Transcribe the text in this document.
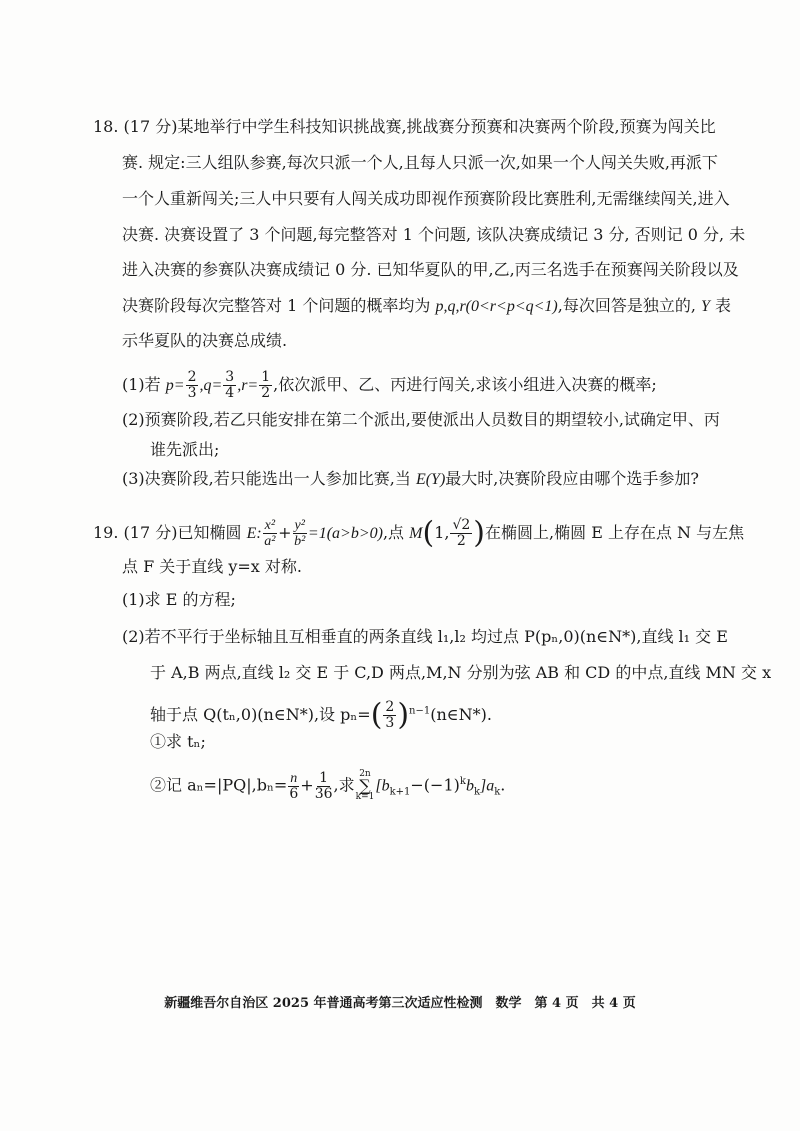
18. (17 分)某地举行中学生科技知识挑战赛,挑战赛分预赛和决赛两个阶段,预赛为闯关比
赛. 规定:三人组队参赛,每次只派一个人,且每人只派一次,如果一个人闯关失败,再派下
一个人重新闯关;三人中只要有人闯关成功即视作预赛阶段比赛胜利,无需继续闯关,进入
决赛. 决赛设置了 3 个问题,每完整答对 1 个问题, 该队决赛成绩记 3 分, 否则记 0 分, 未
进入决赛的参赛队决赛成绩记 0 分. 已知华夏队的甲,乙,丙三名选手在预赛闯关阶段以及
决赛阶段每次完整答对 1 个问题的概率均为 p,q,r(0<r<p<q<1),每次回答是独立的, Y 表
示华夏队的决赛总成绩.
(1)若 $p= \frac{2}{3} ,q= \frac{3}{4} ,r= \frac{1}{2}$ ,依次派甲、乙、丙进行闯关,求该小组进入决赛的概率;
(2)预赛阶段,若乙只能安排在第二个派出,要使派出人员数目的期望较小,试确定甲、丙
谁先派出;
(3)决赛阶段,若只能选出一人参加比赛,当 E(Y)最大时,决赛阶段应由哪个选手参加?
19. (17 分)已知椭圆 E: $\frac{\text{x²}}{\text{a²}} + \frac{\text{y²}}{\text{b²}} =1(a>b>0)$,点 M(1, $\frac{√2}{2}$ )在椭圆上,椭圆 E 上存在点 N 与左焦
点 F 关于直线 y=x 对称.
(1)求 E 的方程;
(2)若不平行于坐标轴且互相垂直的两条直线 l₁,l₂ 均过点 P(pₙ,0)(n∈N*),直线 l₁ 交 E
于 A,B 两点,直线 l₂ 交 E 于 C,D 两点,M,N 分别为弦 AB 和 CD 的中点,直线 MN 交 x
轴于点 Q(tₙ,0)(n∈N*),设 $p_n=( \frac{2}{3}$ )$^{n-1}(n\in N*)$.
①求 tₙ;
②记 $a_n=|PQ|,b_n= \frac{n}{6} + \frac{1}{36}$ ,求
2n
∑
k=1
$[b_{k+1}-(-1)^kb_k]a_k$.
新疆维吾尔自治区 2025 年普通高考第三次适应性检测　数学　第 4 页　共 4 页
